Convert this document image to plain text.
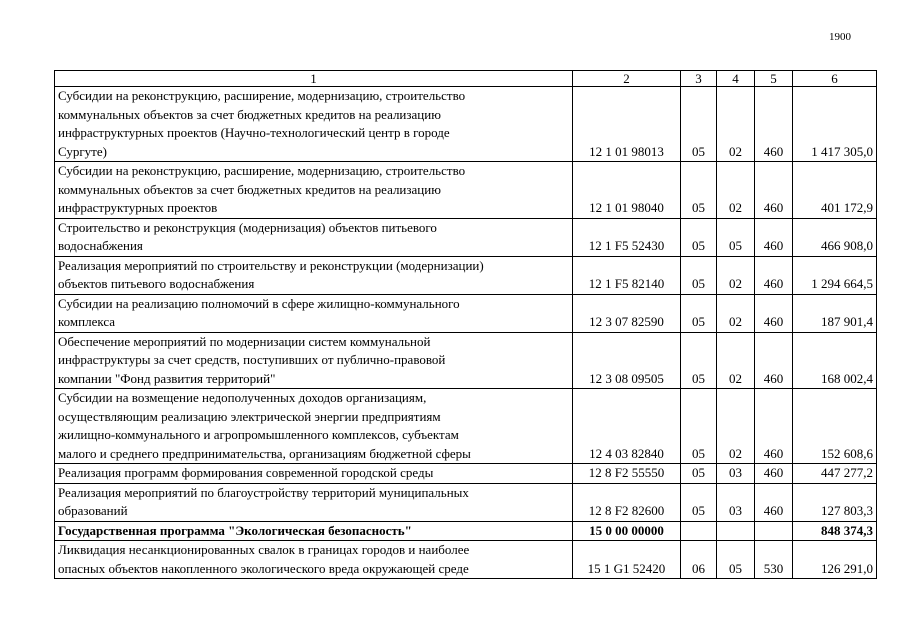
1900
1	2	3	4	5	6

Субсидии на реконструкцию, расширение, модернизацию, строительство
коммунальных объектов за счет бюджетных кредитов на реализацию
инфраструктурных проектов (Научно-технологический центр в городе
Сургуте)	12 1 01 98013	05	02	460	1 417 305,0

Субсидии на реконструкцию, расширение, модернизацию, строительство
коммунальных объектов за счет бюджетных кредитов на реализацию
инфраструктурных проектов	12 1 01 98040	05	02	460	401 172,9

Строительство и реконструкция (модернизация) объектов питьевого
водоснабжения	12 1 F5 52430	05	05	460	466 908,0

Реализация мероприятий по строительству и реконструкции (модернизации)
объектов питьевого водоснабжения	12 1 F5 82140	05	02	460	1 294 664,5

Субсидии на реализацию полномочий в сфере жилищно-коммунального
комплекса	12 3 07 82590	05	02	460	187 901,4

Обеспечение мероприятий по модернизации систем коммунальной
инфраструктуры за счет средств, поступивших от публично-правовой
компании "Фонд развития территорий"	12 3 08 09505	05	02	460	168 002,4

Субсидии на возмещение недополученных доходов организациям,
осуществляющим реализацию электрической энергии предприятиям
жилищно-коммунального и агропромышленного комплексов, субъектам
малого и среднего предпринимательства, организациям бюджетной сферы	12 4 03 82840	05	02	460	152 608,6

Реализация программ формирования современной городской среды	12 8 F2 55550	05	03	460	447 277,2

Реализация мероприятий по благоустройству территорий муниципальных
образований	12 8 F2 82600	05	03	460	127 803,3

Государственная программа "Экологическая безопасность"	15 0 00 00000				848 374,3

Ликвидация несанкционированных свалок в границах городов и наиболее
опасных объектов накопленного экологического вреда окружающей среде	15 1 G1 52420	06	05	530	126 291,0
